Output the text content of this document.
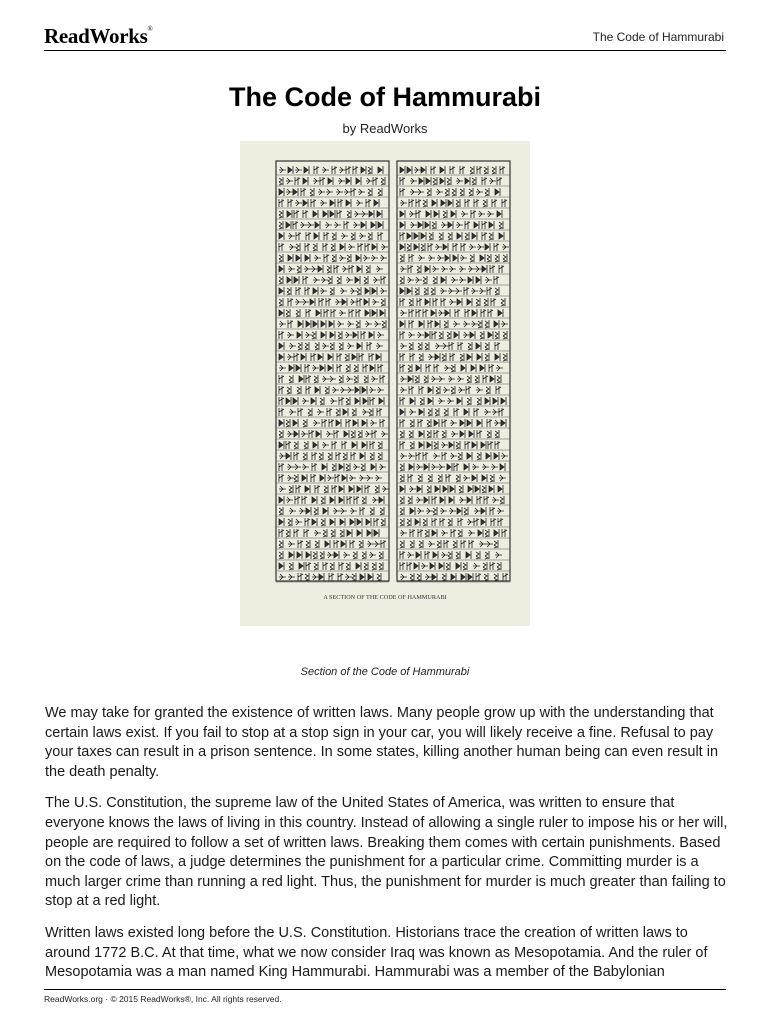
ReadWorks®
The Code of Hammurabi
The Code of Hammurabi
by ReadWorks
A SECTION OF THE CODE OF HAMMURABI
Section of the Code of Hammurabi

We may take for granted the existence of written laws. Many people grow up with the understanding that certain laws exist. If you fail to stop at a stop sign in your car, you will likely receive a fine. Refusal to pay your taxes can result in a prison sentence. In some states, killing another human being can even result in the death penalty.

The U.S. Constitution, the supreme law of the United States of America, was written to ensure that everyone knows the laws of living in this country. Instead of allowing a single ruler to impose his or her will, people are required to follow a set of written laws. Breaking them comes with certain punishments. Based on the code of laws, a judge determines the punishment for a particular crime. Committing murder is a much larger crime than running a red light. Thus, the punishment for murder is much greater than failing to stop at a red light.

Written laws existed long before the U.S. Constitution. Historians trace the creation of written laws to around 1772 B.C. At that time, what we now consider Iraq was known as Mesopotamia. And the ruler of Mesopotamia was a man named King Hammurabi. Hammurabi was a member of the Babylonian

ReadWorks.org · © 2015 ReadWorks®, Inc. All rights reserved.
